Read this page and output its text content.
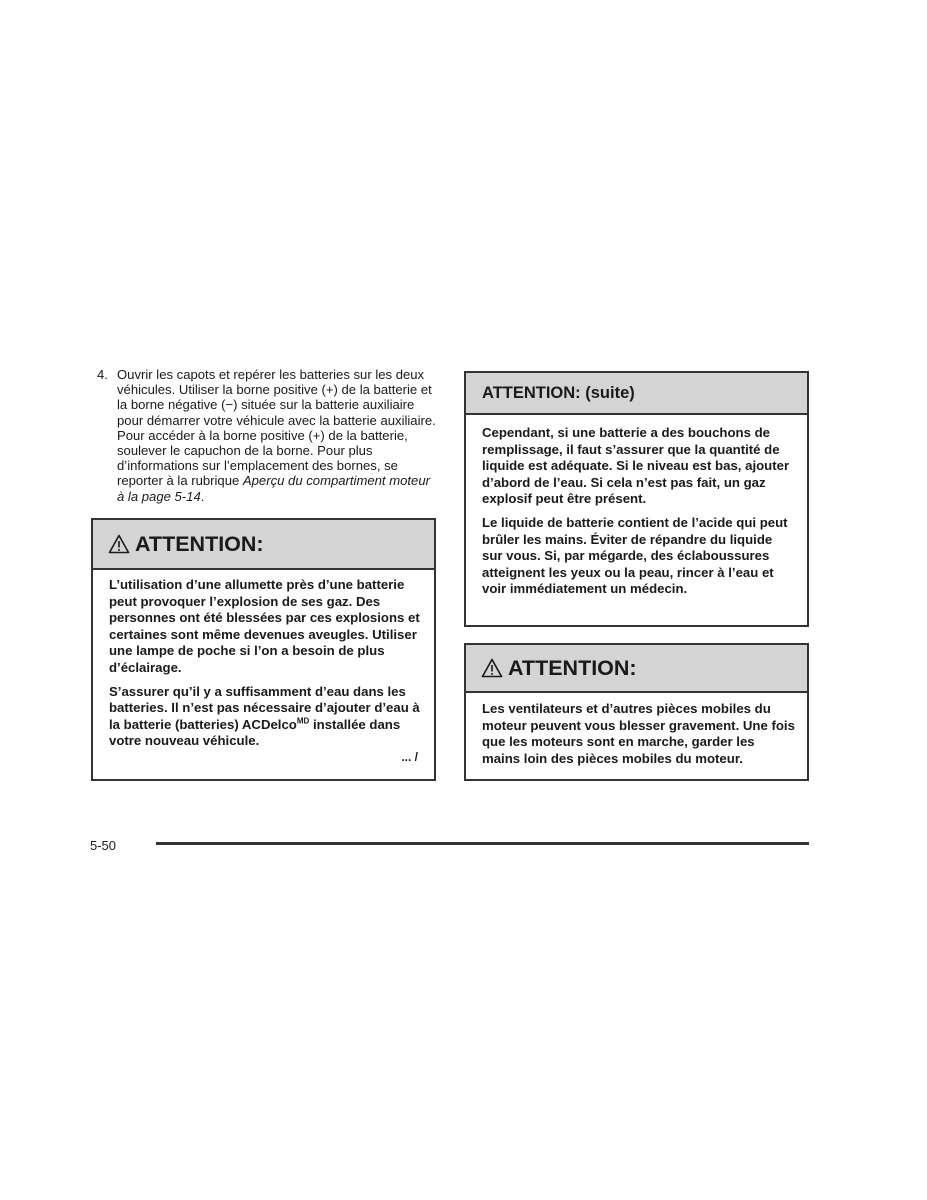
4. Ouvrir les capots et repérer les batteries sur les deux véhicules. Utiliser la borne positive (+) de la batterie et la borne négative (−) située sur la batterie auxiliaire pour démarrer votre véhicule avec la batterie auxiliaire. Pour accéder à la borne positive (+) de la batterie, soulever le capuchon de la borne. Pour plus d’informations sur l’emplacement des bornes, se reporter à la rubrique Aperçu du compartiment moteur à la page 5-14.
ATTENTION:

L’utilisation d’une allumette près d’une batterie peut provoquer l’explosion de ses gaz. Des personnes ont été blessées par ces explosions et certaines sont même devenues aveugles. Utiliser une lampe de poche si l’on a besoin de plus d’éclairage.

S’assurer qu’il y a suffisamment d’eau dans les batteries. Il n’est pas nécessaire d’ajouter d’eau à la batterie (batteries) ACDelco$^{MD}$ installée dans votre nouveau véhicule.

... /
ATTENTION: (suite)

Cependant, si une batterie a des bouchons de remplissage, il faut s’assurer que la quantité de liquide est adéquate. Si le niveau est bas, ajouter d’abord de l’eau. Si cela n’est pas fait, un gaz explosif peut être présent.

Le liquide de batterie contient de l’acide qui peut brûler les mains. Éviter de répandre du liquide sur vous. Si, par mégarde, des éclaboussures atteignent les yeux ou la peau, rincer à l’eau et voir immédiatement un médecin.

ATTENTION:

Les ventilateurs et d’autres pièces mobiles du moteur peuvent vous blesser gravement. Une fois que les moteurs sont en marche, garder les mains loin des pièces mobiles du moteur.

5-50
